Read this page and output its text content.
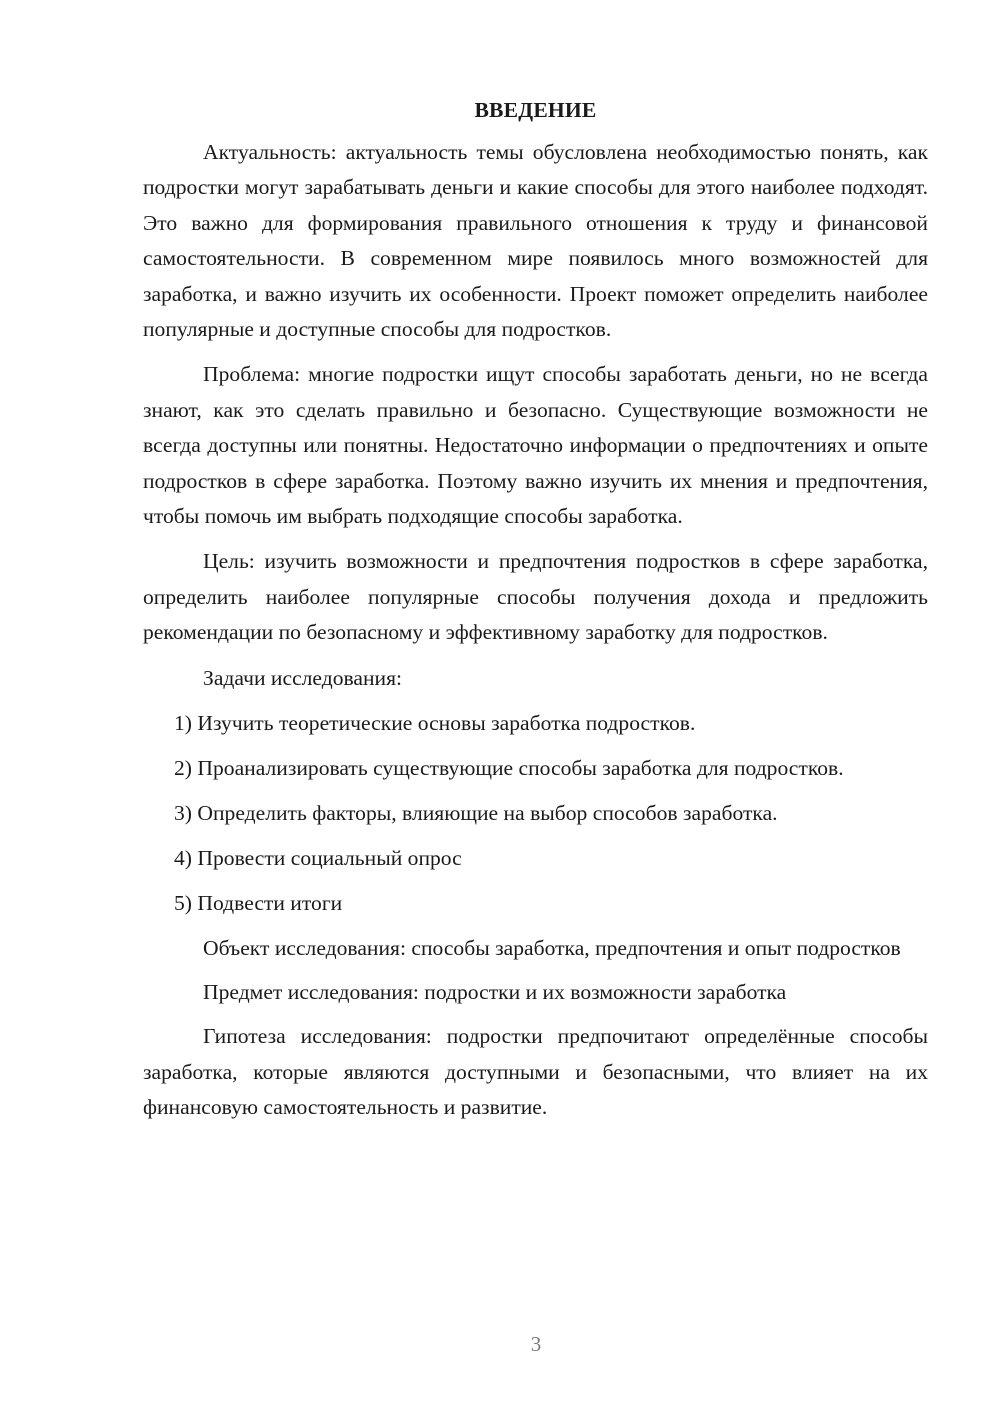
ВВЕДЕНИЕ

Актуальность: актуальность темы обусловлена необходимостью понять, как подростки могут зарабатывать деньги и какие способы для этого наиболее подходят. Это важно для формирования правильного отношения к труду и финансовой самостоятельности. В современном мире появилось много возможностей для заработка, и важно изучить их особенности. Проект поможет определить наиболее популярные и доступные способы для подростков.

Проблема: многие подростки ищут способы заработать деньги, но не всегда знают, как это сделать правильно и безопасно. Существующие возможности не всегда доступны или понятны. Недостаточно информации о предпочтениях и опыте подростков в сфере заработка. Поэтому важно изучить их мнения и предпочтения, чтобы помочь им выбрать подходящие способы заработка.

Цель: изучить возможности и предпочтения подростков в сфере заработка, определить наиболее популярные способы получения дохода и предложить рекомендации по безопасному и эффективному заработку для подростков.

Задачи исследования:

1) Изучить теоретические основы заработка подростков.

2) Проанализировать существующие способы заработка для подростков.

3) Определить факторы, влияющие на выбор способов заработка.

4) Провести социальный опрос

5) Подвести итоги

Объект исследования: способы заработка, предпочтения и опыт подростков

Предмет исследования: подростки и их возможности заработка

Гипотеза исследования: подростки предпочитают определённые способы заработка, которые являются доступными и безопасными, что влияет на их финансовую самостоятельность и развитие.

3
